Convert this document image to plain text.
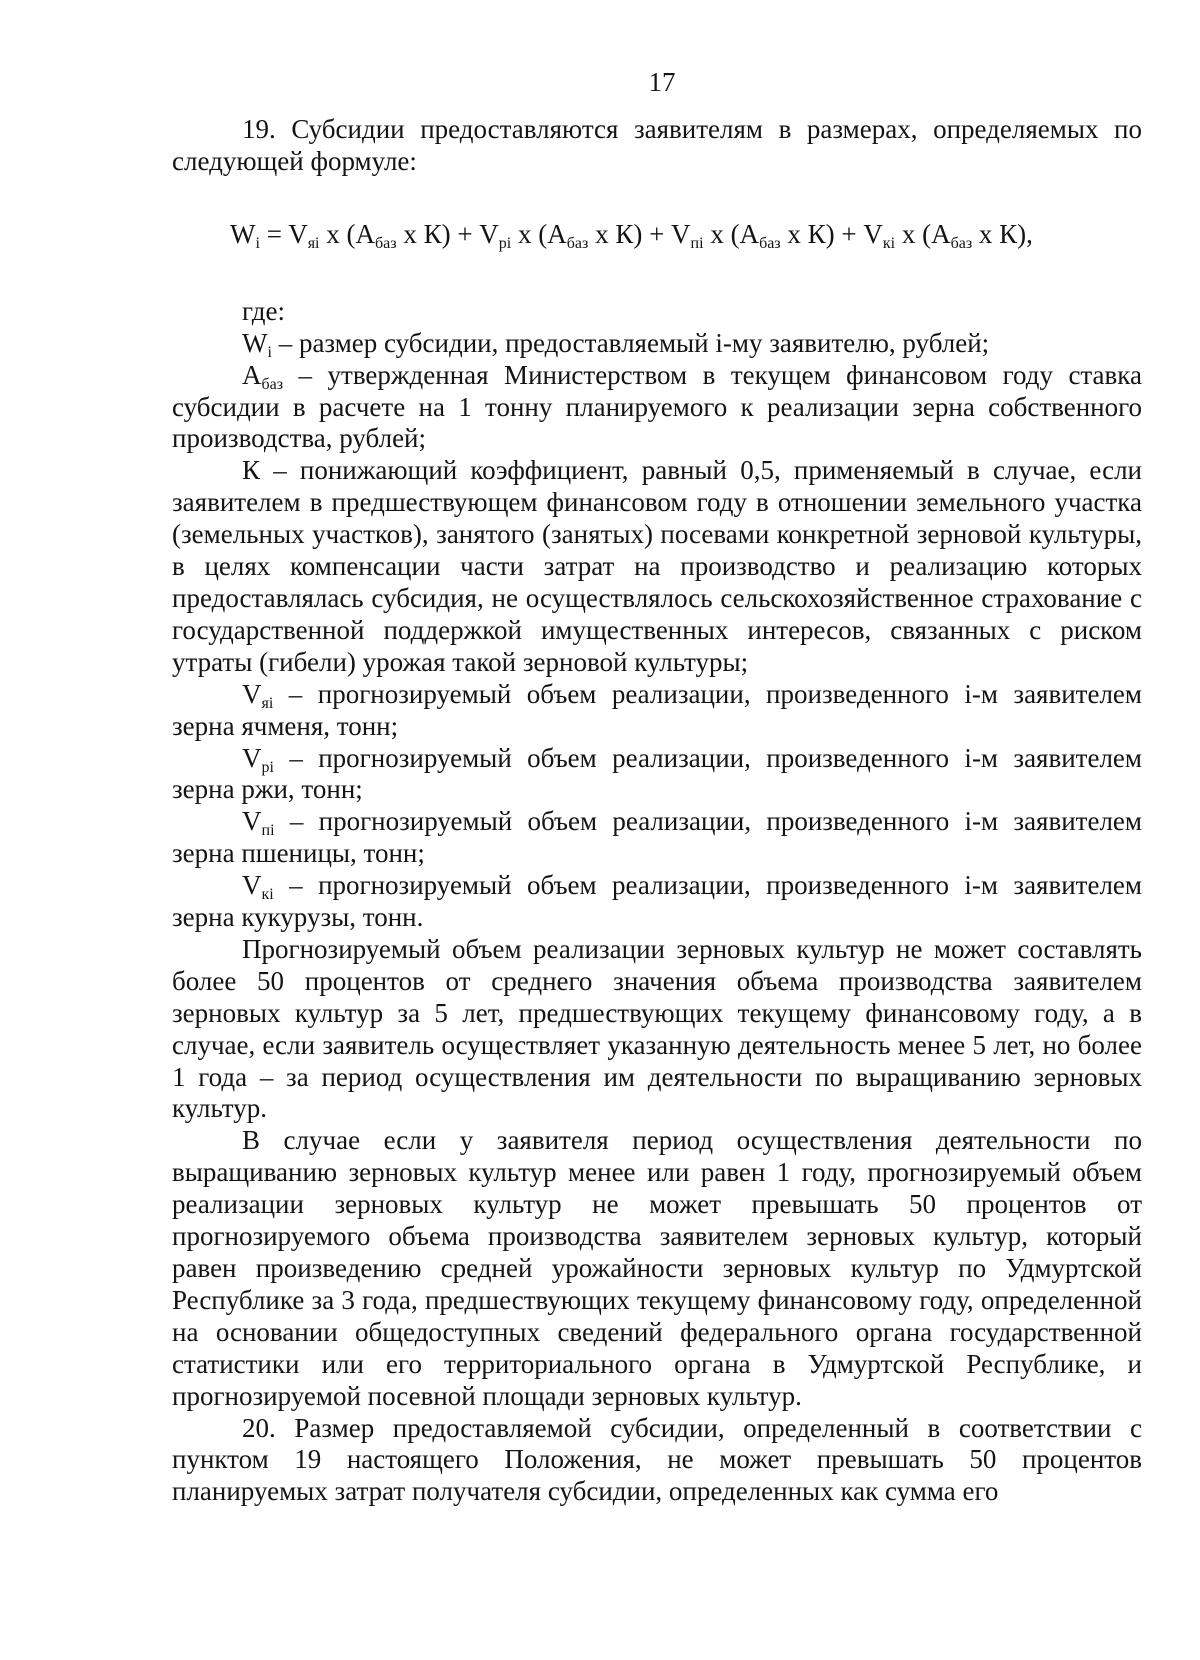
17

19. Субсидии предоставляются заявителям в размерах, определяемых по следующей формуле:

$W_i = V_{яi}$ х ($А_{баз}$ х $К) + V_{рi}$ х ($А_{баз}$ х $К) + V_{пi}$ х ($А_{баз}$ х $К) + V_{кi}$ х ($А_{баз}$ х К),

где:

$W_i$ – размер субсидии, предоставляемый i-му заявителю, рублей;

$А_{баз}$ – утвержденная Министерством в текущем финансовом году ставка субсидии в расчете на 1 тонну планируемого к реализации зерна собственного производства, рублей;

К – понижающий коэффициент, равный 0,5, применяемый в случае, если заявителем в предшествующем финансовом году в отношении земельного участка (земельных участков), занятого (занятых) посевами конкретной зерновой культуры, в целях компенсации части затрат на производство и реализацию которых предоставлялась субсидия, не осуществлялось сельскохозяйственное страхование с государственной поддержкой имущественных интересов, связанных с риском утраты (гибели) урожая такой зерновой культуры;

$V_{яi}$ – прогнозируемый объем реализации, произведенного i-м заявителем зерна ячменя, тонн;

$V_{рi}$ – прогнозируемый объем реализации, произведенного i-м заявителем зерна ржи, тонн;

$V_{пi}$ – прогнозируемый объем реализации, произведенного i-м заявителем зерна пшеницы, тонн;

$V_{кi}$ – прогнозируемый объем реализации, произведенного i-м заявителем зерна кукурузы, тонн.

Прогнозируемый объем реализации зерновых культур не может составлять более 50 процентов от среднего значения объема производства заявителем зерновых культур за 5 лет, предшествующих текущему финансовому году, а в случае, если заявитель осуществляет указанную деятельность менее 5 лет, но более 1 года – за период осуществления им деятельности по выращиванию зерновых культур.

В случае если у заявителя период осуществления деятельности по выращиванию зерновых культур менее или равен 1 году, прогнозируемый объем реализации зерновых культур не может превышать 50 процентов от прогнозируемого объема производства заявителем зерновых культур, который равен произведению средней урожайности зерновых культур по Удмуртской Республике за 3 года, предшествующих текущему финансовому году, определенной на основании общедоступных сведений федерального органа государственной статистики или его территориального органа в Удмуртской Республике, и прогнозируемой посевной площади зерновых культур.

20. Размер предоставляемой субсидии, определенный в соответствии с пунктом 19 настоящего Положения, не может превышать 50 процентов планируемых затрат получателя субсидии, определенных как сумма его
